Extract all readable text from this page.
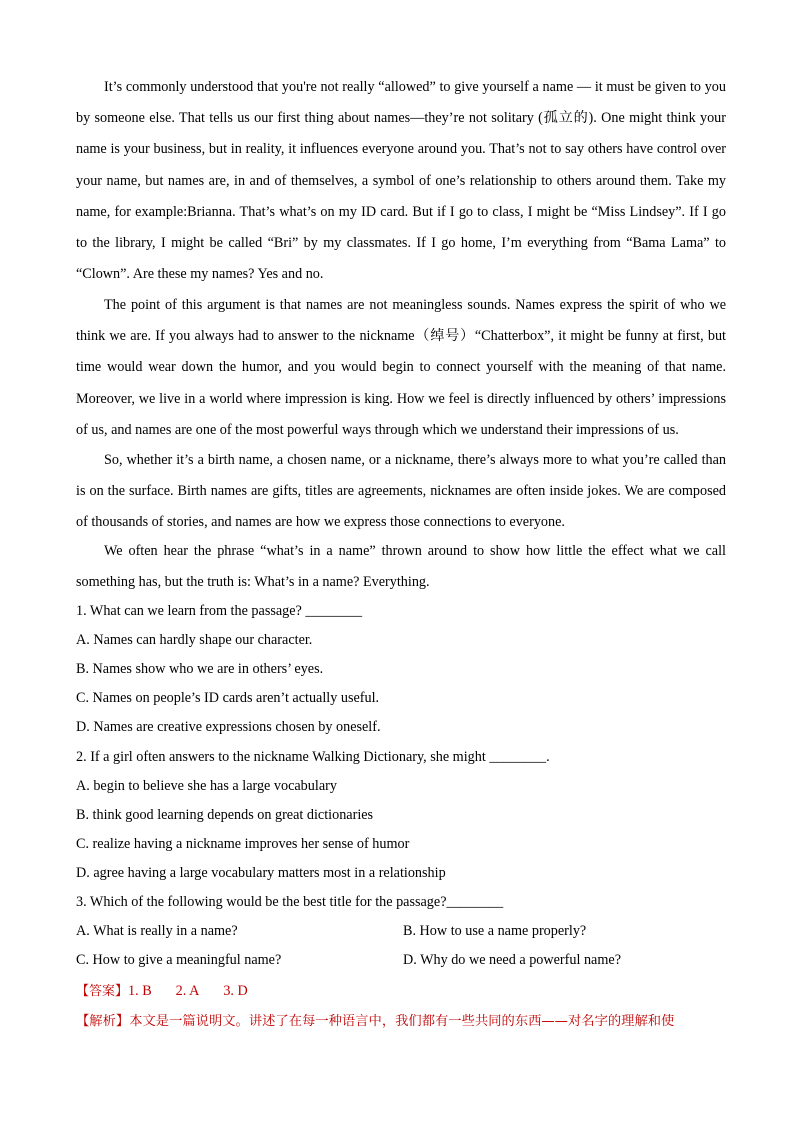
It’s commonly understood that you're not really “allowed” to give yourself a name — it must be given to you by someone else. That tells us our first thing about names—they’re not solitary (孤立的). One might think your name is your business, but in reality, it influences everyone around you. That’s not to say others have control over your name, but names are, in and of themselves, a symbol of one’s relationship to others around them. Take my name, for example:Brianna. That’s what’s on my ID card. But if I go to class, I might be “Miss Lindsey”. If I go to the library, I might be called “Bri” by my classmates. If I go home, I’m everything from “Bama Lama” to “Clown”. Are these my names? Yes and no.

The point of this argument is that names are not meaningless sounds. Names express the spirit of who we think we are. If you always had to answer to the nickname（绰号）“Chatterbox”, it might be funny at first, but time would wear down the humor, and you would begin to connect yourself with the meaning of that name. Moreover, we live in a world where impression is king. How we feel is directly influenced by others’ impressions of us, and names are one of the most powerful ways through which we understand their impressions of us.

So, whether it’s a birth name, a chosen name, or a nickname, there’s always more to what you’re called than is on the surface. Birth names are gifts, titles are agreements, nicknames are often inside jokes. We are composed of thousands of stories, and names are how we express those connections to everyone.

We often hear the phrase “what’s in a name” thrown around to show how little the effect what we call something has, but the truth is: What’s in a name? Everything.

1. What can we learn from the passage? ________
A. Names can hardly shape our character.
B. Names show who we are in others’ eyes.
C. Names on people’s ID cards aren’t actually useful.
D. Names are creative expressions chosen by oneself.
2. If a girl often answers to the nickname Walking Dictionary, she might ________.
A. begin to believe she has a large vocabulary
B. think good learning depends on great dictionaries
C. realize having a nickname improves her sense of humor
D. agree having a large vocabulary matters most in a relationship
3. Which of the following would be the best title for the passage?________
A. What is really in a name?	B. How to use a name properly?
C. How to give a meaningful name?	D. Why do we need a powerful name?
【答案】1. B 2. A 3. D
【解析】本文是一篇说明文。讲述了在每一种语言中，我们都有一些共同的东西——对名字的理解和使
